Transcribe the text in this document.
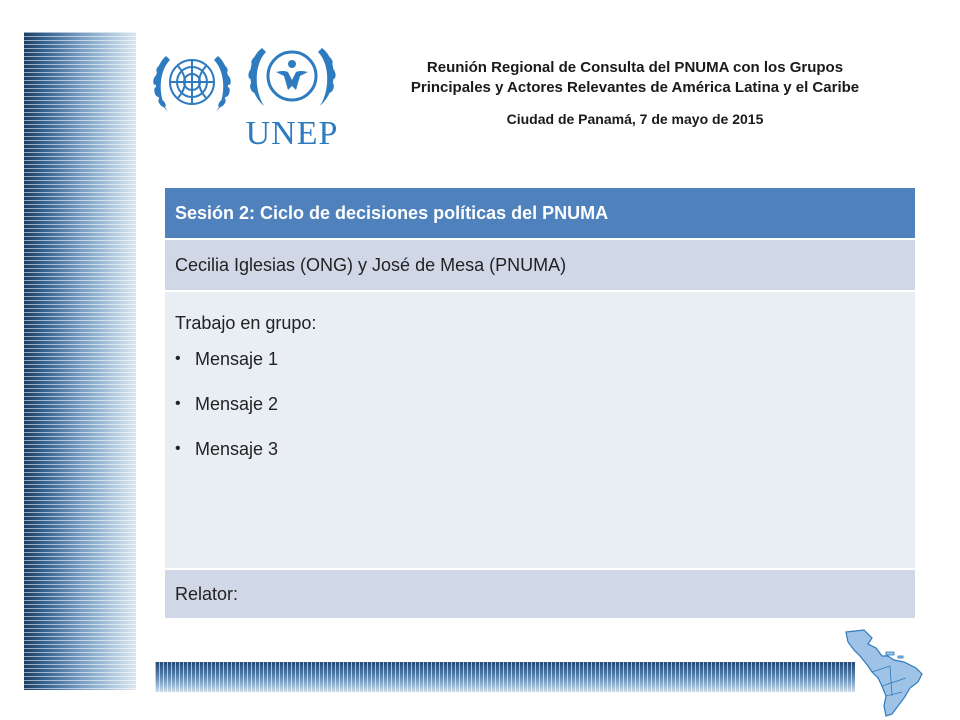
UNEP

Reunión Regional de Consulta del PNUMA con los Grupos

Principales y Actores Relevantes de América Latina y el Caribe

Ciudad de Panamá, 7 de mayo de 2015
Sesión 2: Ciclo de decisiones políticas del PNUMA
Cecilia Iglesias (ONG) y José de Mesa (PNUMA)

Trabajo en grupo:

• Mensaje 1
• Mensaje 2
• Mensaje 3
Relator:
